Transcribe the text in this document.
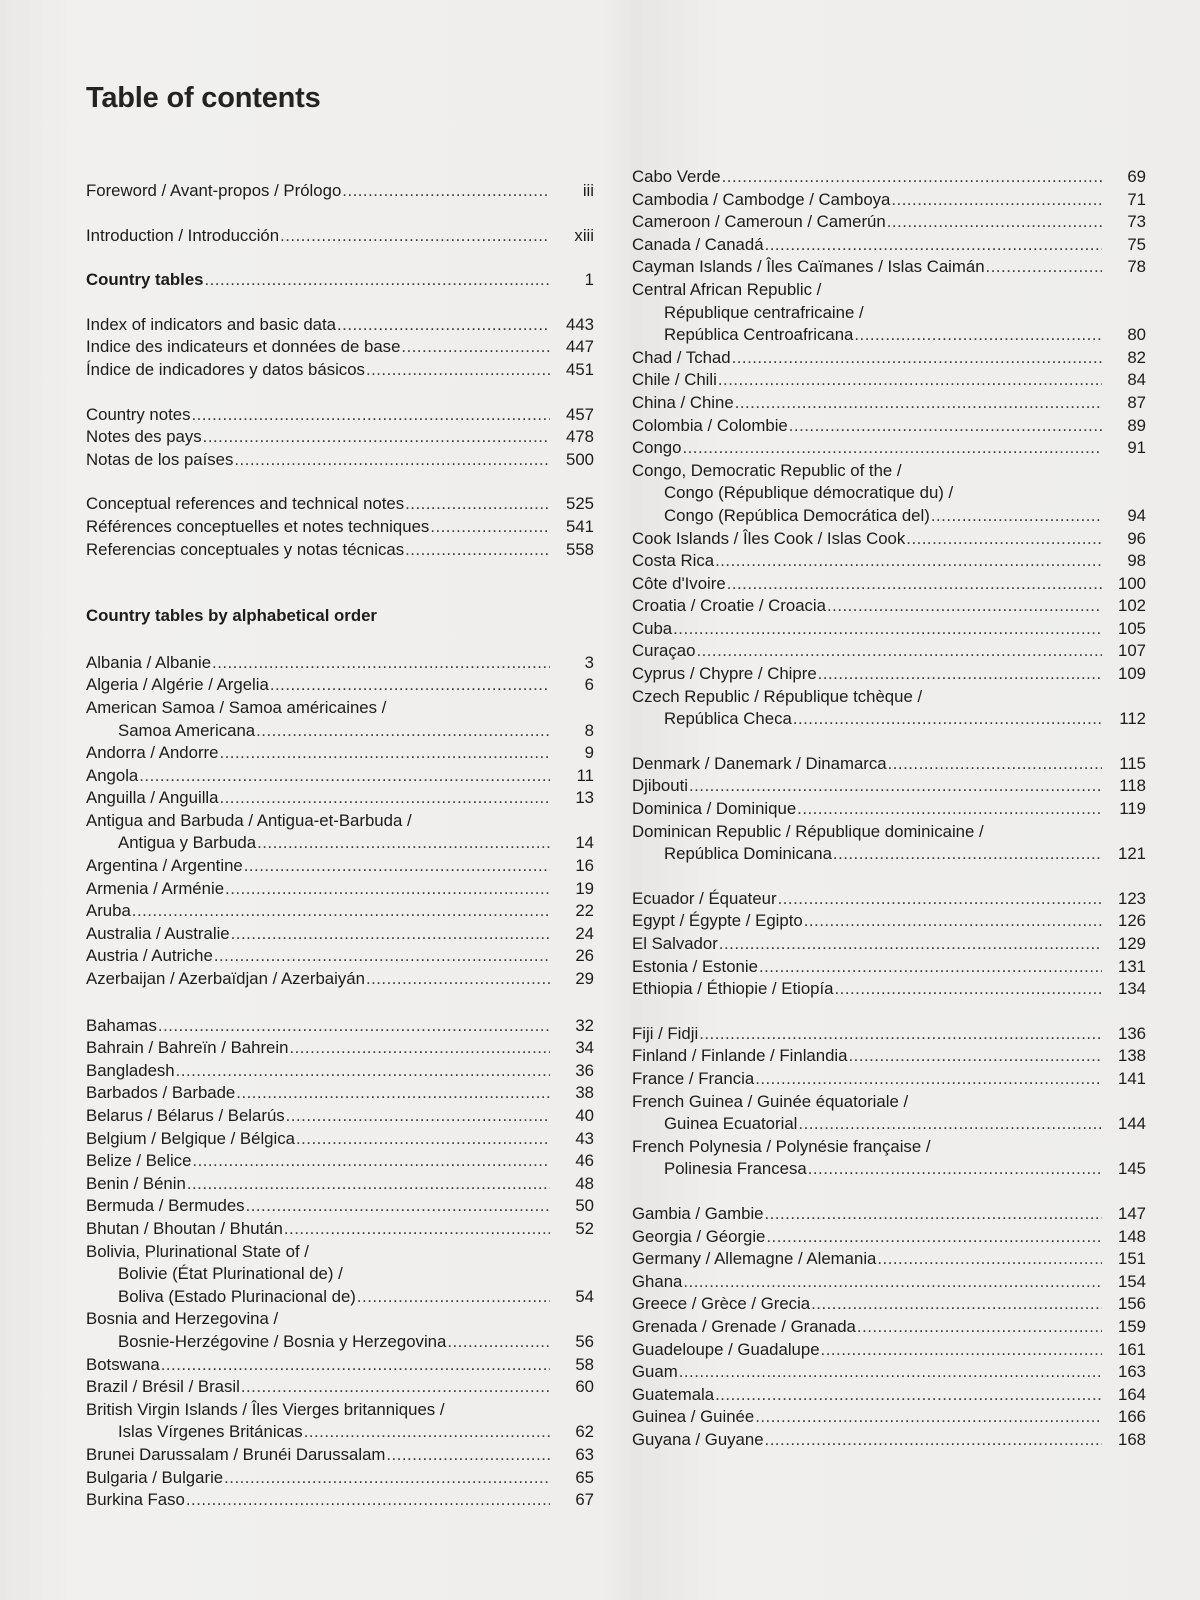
Table of contents
Foreword / Avant-propos / Prólogo .....	iii
Introduction / Introducción .....	xiii
Country tables .....	1
Index of indicators and basic data .....	443
Indice des indicateurs et données de base .....	447
Índice de indicadores y datos básicos .....	451
Country notes .....	457
Notes des pays .....	478
Notas de los países .....	500
Conceptual references and technical notes .....	525
Références conceptuelles et notes techniques .....	541
Referencias conceptuales y notas técnicas .....	558
Country tables by alphabetical order
Albania / Albanie .....	3
Algeria / Algérie / Argelia .....	6
American Samoa / Samoa américaines /
Samoa Americana .....	8
Andorra / Andorre .....	9
Angola .....	11
Anguilla / Anguilla .....	13
Antigua and Barbuda / Antigua-et-Barbuda /
Antigua y Barbuda .....	14
Argentina / Argentine .....	16
Armenia / Arménie .....	19
Aruba .....	22
Australia / Australie .....	24
Austria / Autriche .....	26
Azerbaijan / Azerbaïdjan / Azerbaiyán .....	29
Bahamas .....	32
Bahrain / Bahreïn / Bahrein .....	34
Bangladesh .....	36
Barbados / Barbade .....	38
Belarus / Bélarus / Belarús .....	40
Belgium / Belgique / Bélgica .....	43
Belize / Belice .....	46
Benin / Bénin .....	48
Bermuda / Bermudes .....	50
Bhutan / Bhoutan / Bhután .....	52
Bolivia, Plurinational State of /
Bolivie (État Plurinational de) /
Boliva (Estado Plurinacional de) .....	54
Bosnia and Herzegovina /
Bosnie-Herzégovine / Bosnia y Herzegovina .....	56
Botswana .....	58
Brazil / Brésil / Brasil .....	60
British Virgin Islands / Îles Vierges britanniques /
Islas Vírgenes Británicas .....	62
Brunei Darussalam / Brunéi Darussalam .....	63
Bulgaria / Bulgarie .....	65
Burkina Faso .....	67
Cabo Verde .....	69
Cambodia / Cambodge / Camboya .....	71
Cameroon / Cameroun / Camerún .....	73
Canada / Canadá .....	75
Cayman Islands / Îles Caïmanes / Islas Caimán .....	78
Central African Republic /
République centrafricaine /
República Centroafricana .....	80
Chad / Tchad .....	82
Chile / Chili .....	84
China / Chine .....	87
Colombia / Colombie .....	89
Congo .....	91
Congo, Democratic Republic of the /
Congo (République démocratique du) /
Congo (República Democrática del) .....	94
Cook Islands / Îles Cook / Islas Cook .....	96
Costa Rica .....	98
Côte d'Ivoire .....	100
Croatia / Croatie / Croacia .....	102
Cuba .....	105
Curaçao .....	107
Cyprus / Chypre / Chipre .....	109
Czech Republic / République tchèque /
República Checa .....	112
Denmark / Danemark / Dinamarca .....	115
Djibouti .....	118
Dominica / Dominique .....	119
Dominican Republic / République dominicaine /
República Dominicana .....	121
Ecuador / Équateur .....	123
Egypt / Égypte / Egipto .....	126
El Salvador .....	129
Estonia / Estonie .....	131
Ethiopia / Éthiopie / Etiopía .....	134
Fiji / Fidji .....	136
Finland / Finlande / Finlandia .....	138
France / Francia .....	141
French Guinea / Guinée équatoriale /
Guinea Ecuatorial .....	144
French Polynesia / Polynésie française /
Polinesia Francesa .....	145
Gambia / Gambie .....	147
Georgia / Géorgie .....	148
Germany / Allemagne / Alemania .....	151
Ghana .....	154
Greece / Grèce / Grecia .....	156
Grenada / Grenade / Granada .....	159
Guadeloupe / Guadalupe .....	161
Guam .....	163
Guatemala .....	164
Guinea / Guinée .....	166
Guyana / Guyane .....	168
